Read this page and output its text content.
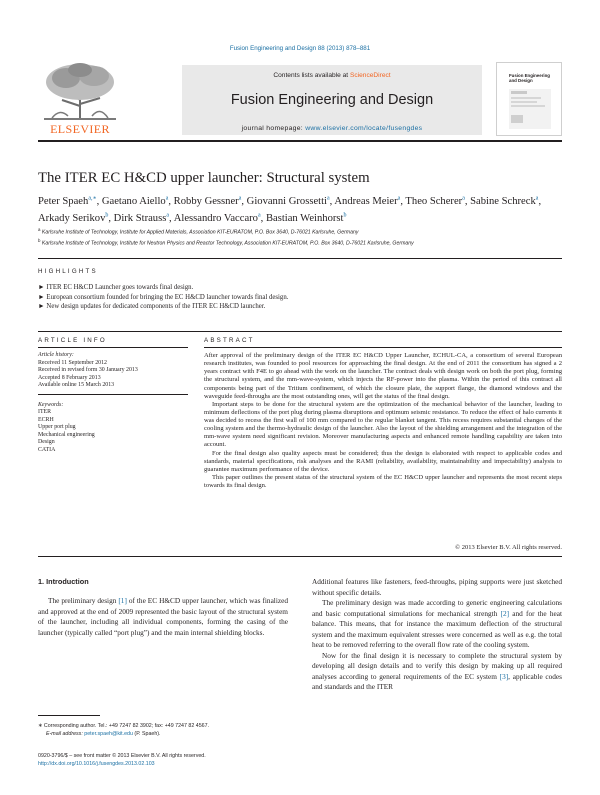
Fusion Engineering and Design 88 (2013) 878–881
ELSEVIER
Contents lists available at ScienceDirect
Fusion Engineering and Design
journal homepage: www.elsevier.com/locate/fusengdes
Fusion Engineering
and Design
The ITER EC H&CD upper launcher: Structural system
Peter Spaeh$^{a,∗}$, Gaetano Aiello$^a$, Robby Gessner$^a$, Giovanni Grossetti$^a$, Andreas Meier$^a$, Theo Scherer$^a$, Sabine Schreck$^a$, Arkady Serikov$^b$, Dirk Strauss$^a$, Alessandro Vaccaro$^a$, Bastian Weinhorst$^b$
$^a$ Karlsruhe Institute of Technology, Institute for Applied Materials, Association KIT-EURATOM, P.O. Box 3640, D-76021 Karlsruhe, Germany
$^b$ Karlsruhe Institute of Technology, Institute for Neutron Physics and Reactor Technology, Association KIT-EURATOM, P.O. Box 3640, D-76021 Karlsruhe, Germany
HIGHLIGHTS
► ITER EC H&CD Launcher goes towards final design.
► European consortium founded for bringing the EC H&CD launcher towards final design.
► New design updates for dedicated components of the ITER EC H&CD launcher.
ARTICLE INFO	ABSTRACT
Article history:
Received 11 September 2012
Received in revised form 30 January 2013
Accepted 8 February 2013
Available online 15 March 2013
Keywords:
ITER
ECRH
Upper port plug
Mechanical engineering
Design
CATIA

After approval of the preliminary design of the ITER EC H&CD Upper Launcher, ECHUL-CA, a consortium of several European research institutes, was founded to pool resources for approaching the final design. At the end of 2011 the consortium has signed a 2 years contract with F4E to go ahead with the work on the launcher. The contract deals with design work on both the port plug, forming the structural system, and the mm-wave-system, which injects the RF-power into the plasma. Within the period of this contract all components being part of the Tritium confinement, of which the closure plate, the support flange, the diamond windows and the waveguide feed-throughs are the most outstanding ones, will get the status of the final design.

Important steps to be done for the structural system are the optimization of the mechanical behavior of the launcher, leading to minimum deflections of the port plug during plasma disruptions and optimum seismic resistance. To reduce the effect of halo currents it was decided to recess the first wall of 100 mm compared to the regular blanket tangent. This recess requires substantial changes of the cooling system and the thermo-hydraulic design of the launcher. Also the layout of the shielding arrangement and the integration of the mm-wave system need significant revision. Moreover manufacturing aspects and enhanced remote handling capability are taken into account.

For the final design also quality aspects must be considered; thus the design is elaborated with respect to applicable codes and standards, material specifications, risk analyses and the RAMI (reliability, availability, maintainability and impectability) analysis to guarantee maximum performance of the device.

This paper outlines the present status of the structural system of the EC H&CD upper launcher and represents the most recent steps towards its final design.

© 2013 Elsevier B.V. All rights reserved.
1. Introduction

The preliminary design [1] of the EC H&CD upper launcher, which was finalized and approved at the end of 2009 represented the basic layout of the structural system of the launcher, including all individual components, forming the casing of the launcher (typically called “port plug”) and the main internal shielding blocks.

Additional features like fasteners, feed-throughs, piping supports were just sketched without specific details.

The preliminary design was made according to generic engineering calculations and basic computational simulations for mechanical strength [2] and for the heat balance. This means, that for instance the maximum deflection of the structural system and the maximum equivalent stresses were concerned as well as e.g. the total heat to be removed referring to the overall flow rate of the cooling system.

Now for the final design it is necessary to complete the structural system by developing all design details and to verify this design by making up all required analyses according to general requirements of the EC system [3], applicable codes and standards and the ITER

∗ Corresponding author. Tel.: +49 7247 82 3902; fax: +49 7247 82 4567.
E-mail address: peter.spaeh@kit.edu (P. Spaeh).
0920-3796/$ – see front matter © 2013 Elsevier B.V. All rights reserved.
http://dx.doi.org/10.1016/j.fusengdes.2013.02.103
